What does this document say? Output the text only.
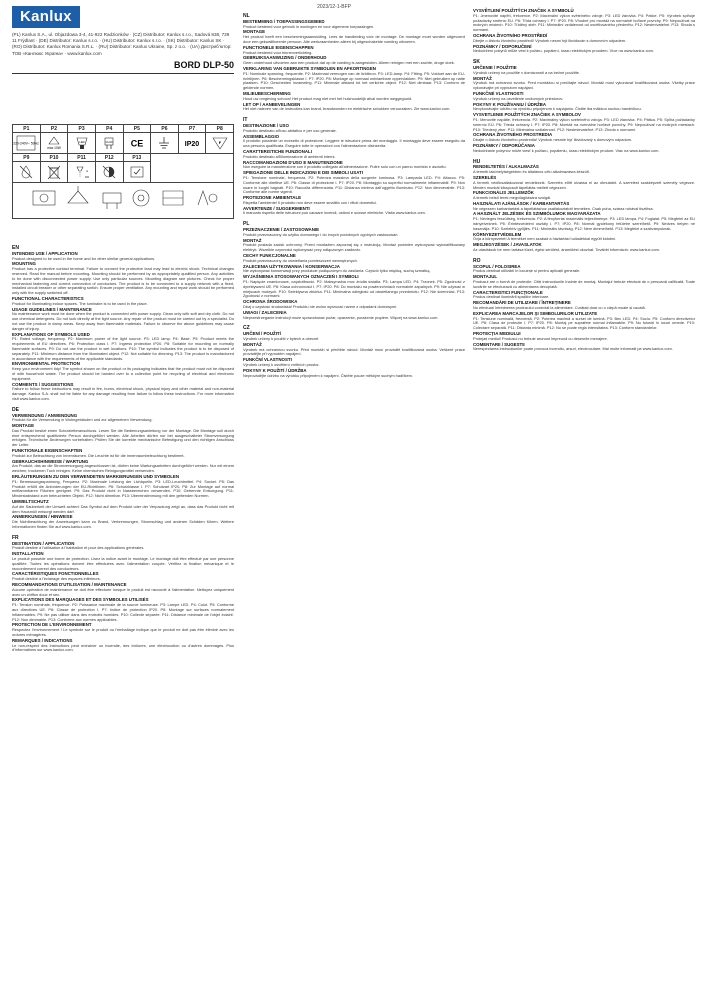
2023/12-1-BFP
Kanlux
(PL) Kanlux S.A., ul. Objazdowa 3-4, 41-922 Radzionków · (CZ) Distributor: Kanlux s.r.o., Sadová 838, 739 11 Frýdlant · (DE) Distributor: Kanlux s.r.o. · (HU) Distributor: Kanlux s.r.o. · (SK) Distributor: Kanlux SK · (RO) Distributor: Kanlux Romania S.R.L. · (RU) Distributor: Kanlux Ukraine, Sp. z o.o. · (UA) Дистриб’ютор: ТОВ «Канлюкс Україна» · www.kanlux.com
BORD DLP-50
P1	P2	P3	P4	P5	P6	P7	P8

220-240V~ 50Hz	max 10W	LED	GU10	CE		IP20	F

P9	P10	P11	P12	P13			

m

EN
INTENDED USE / APPLICATION

Product designed to be used in the home and for other similar general applications.

MOUNTING

Product has a protective contact terminal. Failure to connect the protective lead may lead to electric shock. Technical changes reserved. Read the manual before mounting. Mounting should be performed by an appropriately qualified person. Any activities to be done with disconnected power supply. Use only particular sources. Mounting diagram see pictures. Check for proper mechanical fastening and correct connection of conductors. The product is to be connected to a supply network with a fixed, installed circuit breaker or other separating switch. Ensure proper ventilation. Any mounting and repair work should be performed only with the supply switched off.

FUNCTIONAL CHARACTERISTICS

Product for illuminating indoor spaces. The luminaire is to be used in the place.

USAGE GUIDELINES / MAINTENANCE

No maintenance work must be done when the product is connected with power supply. Clean only with soft and dry cloth. Do not use chemical detergents. Do not look directly at the light source. Any repair of the product must be carried out by a specialist. Do not use the product in damp areas. Keep away from flammable materials. Failure to observe the above guidelines may cause danger of injury.

EXPLANATIONS OF SYMBOLS USED

P1: Rated voltage, frequency. P2: Maximum power of the light source. P3: LED lamp. P4: Base. P5: Product meets the requirements of EU directives. P6: Protection class I. P7: Ingress protection IP20. P8: Suitable for mounting on normally flammable surfaces. P9: Do not use the product in wet locations. P10: The symbol indicates the product is to be disposed of separately. P11: Minimum distance from the illuminated object. P12: Not suitable for dimming. P13: The product is manufactured in accordance with the requirements of the applicable standards.

ENVIRONMENTAL PROTECTION

Keep your environment tidy! The symbol shown on the product or its packaging indicates that the product must not be disposed of with household waste. The product should be handed over to a collection point for recycling of electrical and electronic equipment.

COMMENTS / SUGGESTIONS

Failure to follow these instructions may result in fire, burns, electrical shock, physical injury and other material and non-material damage. Kanlux S.A. shall not be liable for any damage resulting from failure to follow these instructions. For more information visit www.kanlux.com.

DE
VERWENDUNG / ANWENDUNG

Produkt für die Verwendung in Wohngebäuden und zur allgemeinen Verwendung.

MONTAGE

Das Produkt besitzt einen Schutzleiteranschluss. Lesen Sie die Bedienungsanleitung vor der Montage. Die Montage soll durch eine entsprechend qualifizierte Person durchgeführt werden. Alle Arbeiten dürfen nur bei ausgeschalteter Stromversorgung erfolgen. Technische Änderungen vorbehalten. Prüfen Sie die korrekte mechanische Befestigung und den richtigen Anschluss der Leiter.

FUNKTIONALE EIGENSCHAFTEN

Produkt zur Beleuchtung von Innenräumen. Die Leuchte ist für die Innenraumbeleuchtung bestimmt.

GEBRAUCHSHINWEISE / WARTUNG

Am Produkt, das an die Stromversorgung angeschlossen ist, dürfen keine Wartungsarbeiten durchgeführt werden. Nur mit einem weichen, trockenen Tuch reinigen. Keine chemischen Reinigungsmittel verwenden.

ERLÄUTERUNGEN ZU DEN VERWENDETEN MARKIERUNGEN UND SYMBOLEN

P1: Bemessungsspannung, Frequenz. P2: Maximale Leistung der Lichtquelle. P3: LED-Leuchtmittel. P4: Sockel. P5: Das Produkt erfüllt die Anforderungen der EU-Richtlinien. P6: Schutzklasse I. P7: Schutzart IP20. P8: Zur Montage auf normal entflammbaren Flächen geeignet. P9: Das Produkt nicht in Nassbereichen verwenden. P10: Getrennte Entsorgung. P11: Mindestabstand zum beleuchteten Objekt. P12: Nicht dimmbar. P13: Übereinstimmung mit den geltenden Normen.

UMWELTSCHUTZ

Auf die Sauberkeit der Umwelt achten! Das Symbol auf dem Produkt oder der Verpackung zeigt an, dass das Produkt nicht mit dem Hausmüll entsorgt werden darf.

ANMERKUNGEN / HINWEISE

Die Nichtbeachtung der Anweisungen kann zu Brand, Verbrennungen, Stromschlag und anderen Schäden führen. Weitere Informationen finden Sie auf www.kanlux.com.

FR
DESTINATION / APPLICATION

Produit destiné à l'utilisation à l'habitation et pour des applications générales.

INSTALLATION

Le produit possède une borne de protection. Lisez la notice avant le montage. Le montage doit être effectué par une personne qualifiée. Toutes les opérations doivent être effectuées avec l'alimentation coupée. Vérifiez la fixation mécanique et le raccordement correct des conducteurs.

CARACTÉRISTIQUES FONCTIONNELLES

Produit destiné à l'éclairage des espaces intérieurs.

RECOMMANDATIONS D'UTILISATION / MAINTENANCE

Aucune opération de maintenance ne doit être effectuée lorsque le produit est raccordé à l'alimentation. Nettoyez uniquement avec un chiffon doux et sec.

EXPLICATIONS DES MARQUAGES ET DES SYMBOLES UTILISÉS

P1: Tension nominale, fréquence. P2: Puissance maximale de la source lumineuse. P3: Lampe LED. P4: Culot. P5: Conforme aux directives UE. P6: Classe de protection I. P7: Indice de protection IP20. P8: Montage sur surfaces normalement inflammables. P9: Ne pas utiliser dans des endroits humides. P10: Collecte séparée. P11: Distance minimale de l'objet éclairé. P12: Non dimmable. P13: Conforme aux normes applicables.

PROTECTION DE L'ENVIRONNEMENT

Respectez l'environnement ! Le symbole sur le produit ou l'emballage indique que le produit ne doit pas être éliminé avec les ordures ménagères.

REMARQUES / INDICATIONS

Le non-respect des instructions peut entraîner un incendie, des brûlures, une électrocution ou d'autres dommages. Plus d'informations sur www.kanlux.com.

NL
BESTEMMING / TOEPASSINGSGEBIED

Product bestemd voor gebruik in woningen en voor algemene toepassingen.

MONTAGE

Het product heeft een beschermingsaansluiting. Lees de handleiding vóór de montage. De montage moet worden uitgevoerd door een gekwalificeerde persoon. Alle werkzaamheden alleen bij uitgeschakelde voeding uitvoeren.

FUNCTIONELE EIGENSCHAPPEN

Product bestemd voor binnenverlichting.

GEBRUIKSAANWIJZING / ONDERHOUD

Geen onderhoud uitvoeren aan een product dat op de voeding is aangesloten. Alleen reinigen met een zachte, droge doek.

VERKLARING VAN GEBRUIKTE SYMBOLEN EN AFKORTINGEN

P1: Nominale spanning, frequentie. P2: Maximaal vermogen van de lichtbron. P3: LED-lamp. P4: Fitting. P5: Voldoet aan de EU-richtlijnen. P6: Beschermingsklasse I. P7: IP20. P8: Montage op normaal ontvlambare oppervlakken. P9: Niet gebruiken op natte plaatsen. P10: Gescheiden inzameling. P11: Minimale afstand tot het verlichte object. P12: Niet dimbaar. P13: Conform de geldende normen.

MILIEUBESCHERMING

Houd uw omgeving schoon! Het product mag niet met het huishoudelijk afval worden weggegooid.

LET OP / AANBEVELINGEN

Het niet naleven van de instructies kan brand, brandwonden en elektrische schokken veroorzaken. Zie www.kanlux.com.

IT
DESTINAZIONE / USO

Prodotto destinato all'uso abitativo e per uso generale.

ASSEMBLAGGIO

Il prodotto possiede un morsetto di protezione. Leggere le istruzioni prima del montaggio. Il montaggio deve essere eseguito da una persona qualificata. Eseguire tutte le operazioni con l'alimentazione disinserita.

CARATTERISTICHE FUNZIONALI

Prodotto destinato all'illuminazione di ambienti interni.

RACCOMANDAZIONI D'USO E MANUTENZIONE

Non eseguire la manutenzione con il prodotto collegato all'alimentazione. Pulire solo con un panno morbido e asciutto.

SPIEGAZIONE DELLE INDICAZIONI E DEI SIMBOLI USATI

P1: Tensione nominale, frequenza. P2: Potenza massima della sorgente luminosa. P3: Lampada LED. P4: Attacco. P5: Conforme alle direttive UE. P6: Classe di protezione I. P7: IP20. P8: Montaggio su superfici normalmente infiammabili. P9: Non usare in luoghi bagnati. P10: Raccolta differenziata. P11: Distanza minima dall'oggetto illuminato. P12: Non dimmerabile. P13: Conforme alle norme vigenti.

PROTEZIONE AMBIENTALE

Rispetta l'ambiente! Il prodotto non deve essere smaltito con i rifiuti domestici.

AVVERTENZE / SUGGERIMENTI

Il mancato rispetto delle istruzioni può causare incendi, ustioni e scosse elettriche. Visita www.kanlux.com.

PL
PRZEZNACZENIE / ZASTOSOWANIE

Produkt przeznaczony do użytku domowego i do innych podobnych ogólnych zastosowań.

MONTAŻ

Produkt posiada zacisk ochronny. Przed montażem zapoznaj się z instrukcją. Montaż powinien wykonywać wykwalifikowany elektryk. Wszelkie czynności wykonywać przy odłączonym zasilaniu.

CECHY FUNKCJONALNE

Produkt przeznaczony do oświetlania pomieszczeń wewnętrznych.

ZALECENIA UŻYTKOWANIA / KONSERWACJA

Nie wykonywać konserwacji przy produkcie podłączonym do zasilania. Czyścić tylko miękką, suchą szmatką.

WYJAŚNIENIA STOSOWANYCH OZNACZEŃ I SYMBOLI

P1: Napięcie znamionowe, częstotliwość. P2: Maksymalna moc źródła światła. P3: Lampa LED. P4: Trzonek. P5: Zgodność z dyrektywami UE. P6: Klasa ochronności I. P7: IP20. P8: Do montażu na powierzchniach normalnie zapalnych. P9: Nie używać w miejscach mokrych. P10: Selektywna zbiórka. P11: Minimalna odległość od oświetlanego przedmiotu. P12: Nie ściemniać. P13: Zgodność z normami.

OCHRONA ŚRODOWISKA

Dbaj o czystość środowiska! Produktu nie wolno wyrzucać razem z odpadami domowymi.

UWAGI / ZALECENIA

Nieprzestrzeganie instrukcji może spowodować pożar, oparzenia, porażenie prądem. Więcej na www.kanlux.com.

CZ
URČENÍ / POUŽITÍ

Výrobek určený k použití v bytech a obecně.

MONTÁŽ

Výrobek má ochrannou svorku. Před montáží si přečtěte návod. Montáž musí provádět kvalifikovaná osoba. Veškeré práce provádějte při vypnutém napájení.

FUNKČNÍ VLASTNOSTI

Výrobek určený k osvětlení vnitřních prostor.

POKYNY K POUŽITÍ / ÚDRŽBA

Neprovádějte údržbu na výrobku připojeném k napájení. Čistěte pouze měkkým suchým hadříkem.

VYSVĚTLENÍ POUŽITÝCH ZNAČEK A SYMBOLŮ

P1: Jmenovité napětí, frekvence. P2: Maximální výkon světelného zdroje. P3: LED žárovka. P4: Patice. P5: Výrobek splňuje požadavky směrnic EU. P6: Třída ochrany I. P7: IP20. P8: Vhodné pro montáž na normálně hořlavé povrchy. P9: Nepoužívat na mokrých místech. P10: Tříděný sběr. P11: Minimální vzdálenost od osvětlovaného předmětu. P12: Nestmívatelné. P13: Shoda s normami.

OCHRANA ŽIVOTNÍHO PROSTŘEDÍ

Dbejte o čistotu životního prostředí! Výrobek nesmí být likvidován s domovním odpadem.

POZNÁMKY / DOPORUČENÍ

Nedodržení pokynů může vést k požáru, popálení, úrazu elektrickým proudem. Více na www.kanlux.com.

SK
URČENIE / POUŽITIE

Výrobok určený na použitie v domácnosti a na bežné použitie.

MONTÁŽ

Výrobok má ochrannú svorku. Pred montážou si prečítajte návod. Montáž musí vykonávať kvalifikovaná osoba. Všetky práce vykonávajte pri vypnutom napájaní.

FUNKČNÉ VLASTNOSTI

Výrobok určený na osvetlenie vnútorných priestorov.

POKYNY K POUŽÍVANIU / ÚDRŽBA

Nevykonávajte údržbu na výrobku pripojenom k napájaniu. Čistite iba mäkkou suchou handričkou.

VYSVETLENIE POUŽITÝCH ZNAČIEK A SYMBOLOV

P1: Menovité napätie, frekvencia. P2: Maximálny výkon svetelného zdroja. P3: LED žiarovka. P4: Pätica. P5: Spĺňa požiadavky smerníc EÚ. P6: Trieda ochrany I. P7: IP20. P8: Montáž na normálne horľavé povrchy. P9: Nepoužívať na mokrých miestach. P10: Triedený zber. P11: Minimálna vzdialenosť. P12: Nestmievateľné. P13: Zhoda s normami.

OCHRANA ŽIVOTNÉHO PROSTREDIA

Dbajte o čistotu životného prostredia! Výrobok nesmie byť likvidovaný s domovým odpadom.

POZNÁMKY / ODPORÚČANIA

Nedodržanie pokynov môže viesť k požiaru, popáleniu, úrazu elektrickým prúdom. Viac na www.kanlux.com.

HU
RENDELTETÉS / ALKALMAZÁS

A termék lakóhelyiségekben és általános célú alkalmazásra készült.

SZERELÉS

A termék védőcsatlakozóval rendelkezik. Szerelés előtt olvassa el az útmutatót. A szerelést szakképzett személy végezze. Minden munkát kikapcsolt tápellátás mellett végezzen.

FUNKCIONÁLIS JELLEMZŐK

A termék belső terek megvilágítására szolgál.

HASZNÁLATI AJÁNLÁSOK / KARBANTARTÁS

Ne végezzen karbantartást a tápellátáshoz csatlakoztatott terméken. Csak puha, száraz ruhával tisztítsa.

A HASZNÁLT JELZÉSEK ÉS SZIMBÓLUMOK MAGYARÁZATA

P1: Névleges feszültség, frekvencia. P2: A fényforrás maximális teljesítménye. P3: LED lámpa. P4: Foglalat. P5: Megfelel az EU irányelveknek. P6: Érintésvédelmi osztály I. P7: IP20. P8: Normál gyúlékony felületre szerelhető. P9: Nedves helyen ne használja. P10: Szelektív gyűjtés. P11: Minimális távolság. P12: Nem dimmelhető. P13: Megfelel a szabványoknak.

KÖRNYEZETVÉDELEM

Óvja a környezetet! A terméket nem szabad a háztartási hulladékkal együtt kidobni.

MEGJEGYZÉSEK / JAVASLATOK

Az utasítások be nem tartása tüzet, égési sérülést, áramütést okozhat. További információ: www.kanlux.com.

RO
SCOPUL / FOLOSIREA

Produs destinat utilizării în locuințe și pentru aplicații generale.

MONTAJUL

Produsul are o bornă de protecție. Citiți instrucțiunile înainte de montaj. Montajul trebuie efectuat de o persoană calificată. Toate lucrările se efectuează cu alimentarea decuplată.

CARACTERISTICI FUNCȚIONALE

Produs destinat iluminării spațiilor interioare.

RECOMANDĂRI DE UTILIZARE / ÎNTREȚINERE

Nu efectuați întreținerea produsului conectat la alimentare. Curățați doar cu o cârpă moale și uscată.

EXPLICAREA MARCAJELOR ȘI SIMBOLURILOR UTILIZATE

P1: Tensiune nominală, frecvență. P2: Puterea maximă a sursei de lumină. P3: Bec LED. P4: Soclu. P5: Conform directivelor UE. P6: Clasa de protecție I. P7: IP20. P8: Montaj pe suprafețe normal inflamabile. P9: Nu folosiți în locuri umede. P10: Colectare separată. P11: Distanța minimă. P12: Nu se poate regla intensitatea. P13: Conform standardelor.

PROTECȚIA MEDIULUI

Protejați mediul! Produsul nu trebuie aruncat împreună cu deșeurile menajere.

COMENTARII / SUGESTII

Nerespectarea instrucțiunilor poate provoca incendiu, arsuri, electrocutare. Mai multe informații pe www.kanlux.com.
